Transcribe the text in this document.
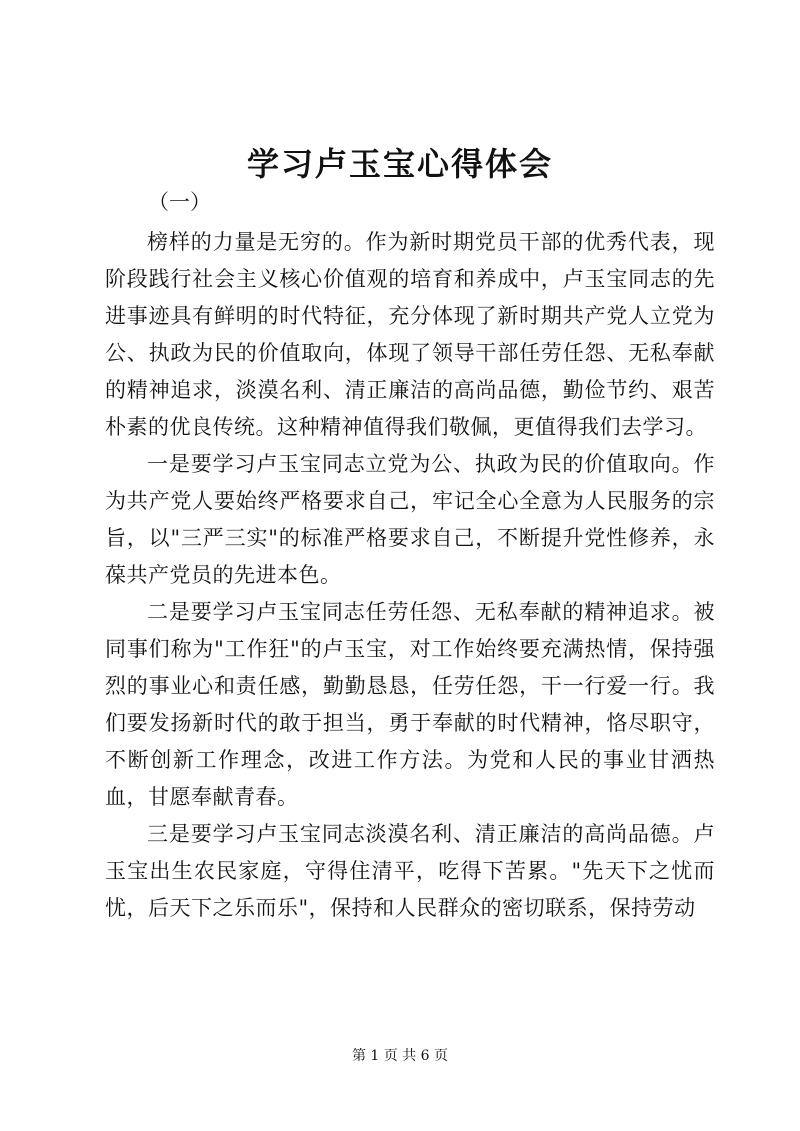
学习卢玉宝心得体会
（一）

榜样的力量是无穷的。作为新时期党员干部的优秀代表，现阶段践行社会主义核心价值观的培育和养成中，卢玉宝同志的先进事迹具有鲜明的时代特征，充分体现了新时期共产党人立党为公、执政为民的价值取向，体现了领导干部任劳任怨、无私奉献的精神追求，淡漠名利、清正廉洁的高尚品德，勤俭节约、艰苦朴素的优良传统。这种精神值得我们敬佩，更值得我们去学习。

一是要学习卢玉宝同志立党为公、执政为民的价值取向。作为共产党人要始终严格要求自己，牢记全心全意为人民服务的宗旨，以"三严三实"的标准严格要求自己，不断提升党性修养，永葆共产党员的先进本色。

二是要学习卢玉宝同志任劳任怨、无私奉献的精神追求。被同事们称为"工作狂"的卢玉宝，对工作始终要充满热情，保持强烈的事业心和责任感，勤勤恳恳，任劳任怨，干一行爱一行。我们要发扬新时代的敢于担当，勇于奉献的时代精神，恪尽职守，不断创新工作理念，改进工作方法。为党和人民的事业甘洒热血，甘愿奉献青春。

三是要学习卢玉宝同志淡漠名利、清正廉洁的高尚品德。卢玉宝出生农民家庭，守得住清平，吃得下苦累。"先天下之忧而忧，后天下之乐而乐"，保持和人民群众的密切联系，保持劳动

第 1 页 共 6 页
